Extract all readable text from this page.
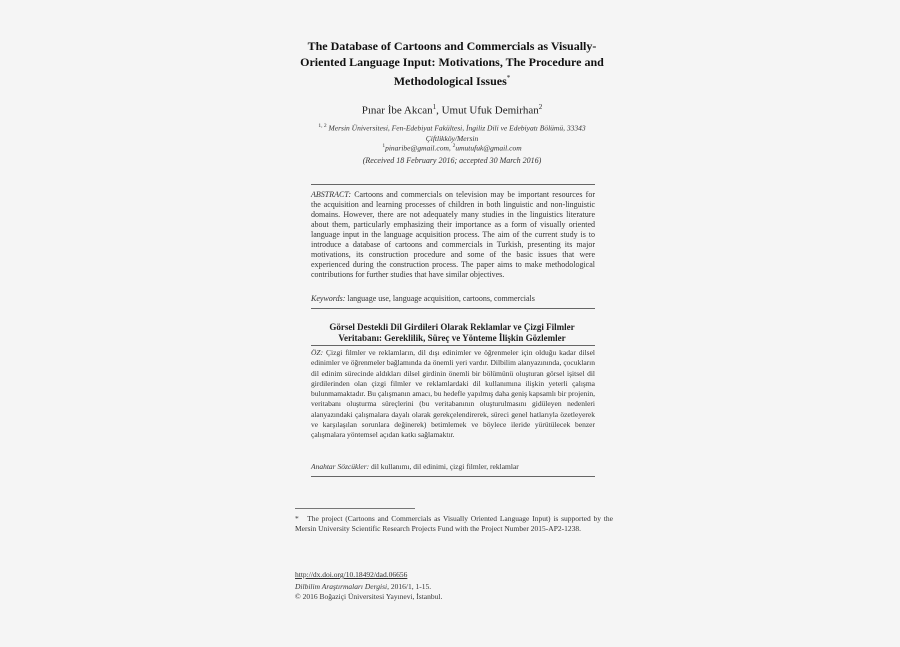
The Database of Cartoons and Commercials as Visually-
Oriented Language Input: Motivations, The Procedure and
Methodological Issues*
Pınar İbe Akcan$^1$, Umut Ufuk Demirhan$^2$
$^{1, 2}$ Mersin Üniversitesi, Fen-Edebiyat Fakültesi, İngiliz Dili ve Edebiyatı Bölümü, 33343
Çiftlikköy/Mersin
$^1$pinaribe@gmail.com, $^2$umutufuk@gmail.com
(Received 18 February 2016; accepted 30 March 2016)
ABSTRACT: Cartoons and commercials on television may be important resources for the acquisition and learning processes of children in both linguistic and non-linguistic domains. However, there are not adequately many studies in the linguistics literature about them, particularly emphasizing their importance as a form of visually oriented language input in the language acquisition process. The aim of the current study is to introduce a database of cartoons and commercials in Turkish, presenting its major motivations, its construction procedure and some of the basic issues that were experienced during the construction process. The paper aims to make methodological contributions for further studies that have similar objectives.
Keywords: language use, language acquisition, cartoons, commercials
Görsel Destekli Dil Girdileri Olarak Reklamlar ve Çizgi Filmler
Veritabanı: Gereklilik, Süreç ve Yönteme İlişkin Gözlemler
ÖZ: Çizgi filmler ve reklamların, dil dışı edinimler ve öğrenmeler için olduğu kadar dilsel edinimler ve öğrenmeler bağlamında da önemli yeri vardır. Dilbilim alanyazınında, çocukların dil edinim sürecinde aldıkları dilsel girdinin önemli bir bölümünü oluşturan görsel işitsel dil girdilerinden olan çizgi filmler ve reklamlardaki dil kullanımına ilişkin yeterli çalışma bulunmamaktadır. Bu çalışmanın amacı, bu hedefle yapılmış daha geniş kapsamlı bir projenin, veritabanı oluşturma süreçlerini (bu veritabanının oluşturulmasını gidüleyen nedenleri alanyazındaki çalışmalara dayalı olarak gerekçelendirerek, süreci genel hatlarıyla özetleyerek ve karşılaşılan sorunlara değinerek) betimlemek ve böylece ileride yürütülecek benzer çalışmalara yöntemsel açıdan katkı sağlamaktır.
Anahtar Sözcükler: dil kullanımı, dil edinimi, çizgi filmler, reklamlar
* The project (Cartoons and Commercials as Visually Oriented Language Input) is supported by the Mersin University Scientific Research Projects Fund with the Project Number 2015-AP2-1238.
http://dx.doi.org/10.18492/dad.06656
Dilbilim Araştırmaları Dergisi, 2016/1, 1-15.
© 2016 Boğaziçi Üniversitesi Yayınevi, İstanbul.
